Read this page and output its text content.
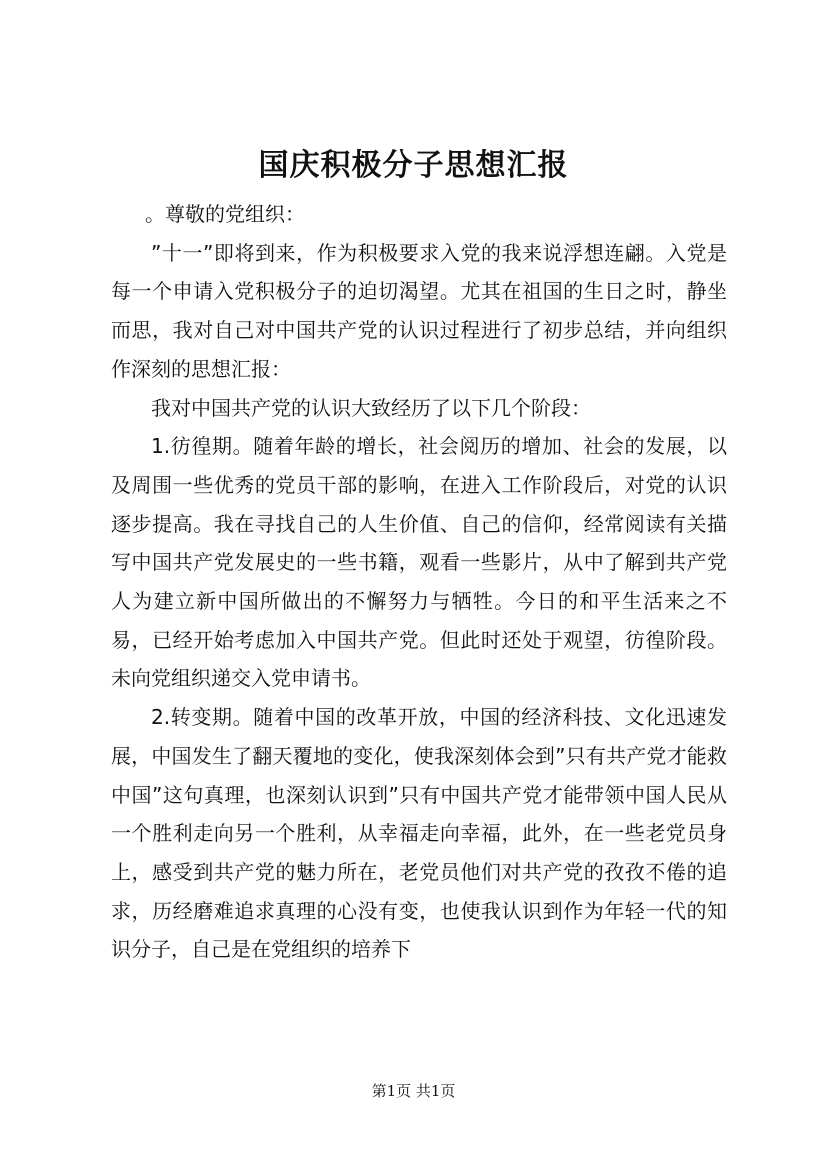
国庆积极分子思想汇报

。尊敬的党组织：

”十一”即将到来，作为积极要求入党的我来说浮想连翩。入党是每一个申请入党积极分子的迫切渴望。尤其在祖国的生日之时，静坐而思，我对自己对中国共产党的认识过程进行了初步总结，并向组织作深刻的思想汇报：

我对中国共产党的认识大致经历了以下几个阶段：

1.彷徨期。随着年龄的增长，社会阅历的增加、社会的发展，以及周围一些优秀的党员干部的影响，在进入工作阶段后，对党的认识逐步提高。我在寻找自己的人生价值、自己的信仰，经常阅读有关描写中国共产党发展史的一些书籍，观看一些影片，从中了解到共产党人为建立新中国所做出的不懈努力与牺牲。今日的和平生活来之不易，已经开始考虑加入中国共产党。但此时还处于观望，彷徨阶段。未向党组织递交入党申请书。

2.转变期。随着中国的改革开放，中国的经济科技、文化迅速发展，中国发生了翻天覆地的变化，使我深刻体会到”只有共产党才能救中国”这句真理，也深刻认识到”只有中国共产党才能带领中国人民从一个胜利走向另一个胜利，从幸福走向幸福，此外，在一些老党员身上，感受到共产党的魅力所在，老党员他们对共产党的孜孜不倦的追求，历经磨难追求真理的心没有变，也使我认识到作为年轻一代的知识分子，自己是在党组织的培养下

第1页 共1页
